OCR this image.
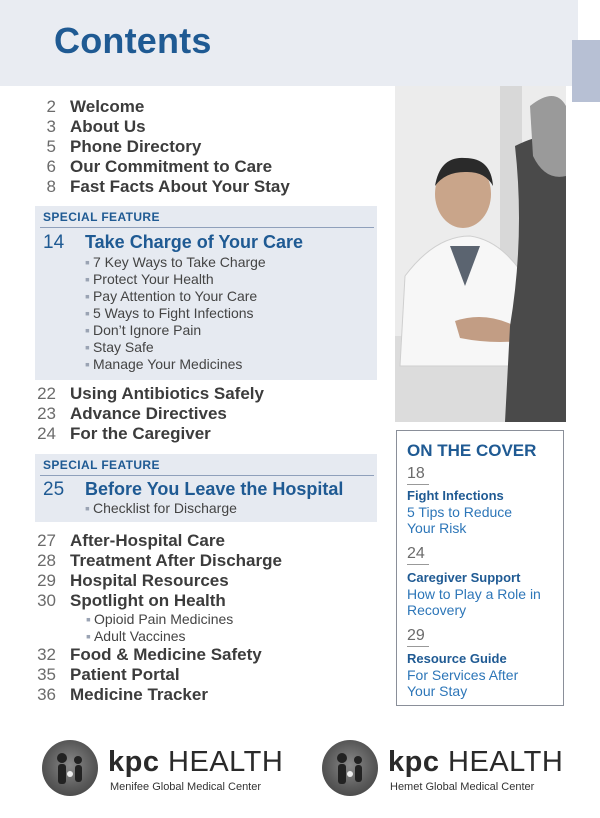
Contents
2 Welcome
3 About Us
5 Phone Directory
6 Our Commitment to Care
8 Fast Facts About Your Stay
SPECIAL FEATURE
14 Take Charge of Your Care
▪ 7 Key Ways to Take Charge
▪ Protect Your Health
▪ Pay Attention to Your Care
▪ 5 Ways to Fight Infections
▪ Don’t Ignore Pain
▪ Stay Safe
▪ Manage Your Medicines
22 Using Antibiotics Safely
23 Advance Directives
24 For the Caregiver
SPECIAL FEATURE
25 Before You Leave the Hospital
▪ Checklist for Discharge
27 After-Hospital Care
28 Treatment After Discharge
29 Hospital Resources
30 Spotlight on Health
▪ Opioid Pain Medicines
▪ Adult Vaccines
32 Food & Medicine Safety
35 Patient Portal
36 Medicine Tracker
ON THE COVER
18
Fight Infections
5 Tips to Reduce
Your Risk
24
Caregiver Support
How to Play a Role in
Recovery
29
Resource Guide
For Services After
Your Stay
kpc HEALTH
Menifee Global Medical Center
kpc HEALTH
Hemet Global Medical Center
